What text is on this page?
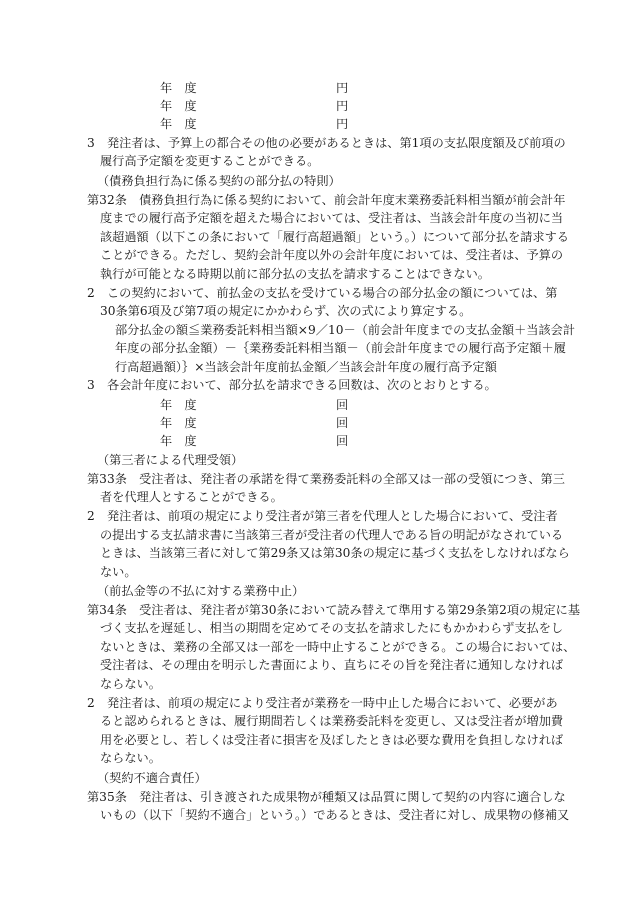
年　度	円
年　度	円
年　度	円
3　発注者は、予算上の都合その他の必要があるときは、第1項の支払限度額及び前項の
履行高予定額を変更することができる。
（債務負担行為に係る契約の部分払の特則）
第32条　債務負担行為に係る契約において、前会計年度末業務委託料相当額が前会計年
度までの履行高予定額を超えた場合においては、受注者は、当該会計年度の当初に当
該超過額（以下この条において「履行高超過額」という。）について部分払を請求する
ことができる。ただし、契約会計年度以外の会計年度においては、受注者は、予算の
執行が可能となる時期以前に部分払の支払を請求することはできない。
2　この契約において、前払金の支払を受けている場合の部分払金の額については、第
30条第6項及び第7項の規定にかかわらず、次の式により算定する。
部分払金の額≦業務委託料相当額×9／10－（前会計年度までの支払金額＋当該会計
年度の部分払金額）－｛業務委託料相当額－（前会計年度までの履行高予定額＋履
行高超過額）｝×当該会計年度前払金額／当該会計年度の履行高予定額
3　各会計年度において、部分払を請求できる回数は、次のとおりとする。
年　度	回
年　度	回
年　度	回
（第三者による代理受領）
第33条　受注者は、発注者の承諾を得て業務委託料の全部又は一部の受領につき、第三
者を代理人とすることができる。
2　発注者は、前項の規定により受注者が第三者を代理人とした場合において、受注者
の提出する支払請求書に当該第三者が受注者の代理人である旨の明記がなされている
ときは、当該第三者に対して第29条又は第30条の規定に基づく支払をしなければなら
ない。
（前払金等の不払に対する業務中止）
第34条　受注者は、発注者が第30条において読み替えて準用する第29条第2項の規定に基
づく支払を遅延し、相当の期間を定めてその支払を請求したにもかかわらず支払をし
ないときは、業務の全部又は一部を一時中止することができる。この場合においては、
受注者は、その理由を明示した書面により、直ちにその旨を発注者に通知しなければ
ならない。
2　発注者は、前項の規定により受注者が業務を一時中止した場合において、必要があ
ると認められるときは、履行期間若しくは業務委託料を変更し、又は受注者が増加費
用を必要とし、若しくは受注者に損害を及ぼしたときは必要な費用を負担しなければ
ならない。
（契約不適合責任）
第35条　発注者は、引き渡された成果物が種類又は品質に関して契約の内容に適合しな
いもの（以下「契約不適合」という。）であるときは、受注者に対し、成果物の修補又
